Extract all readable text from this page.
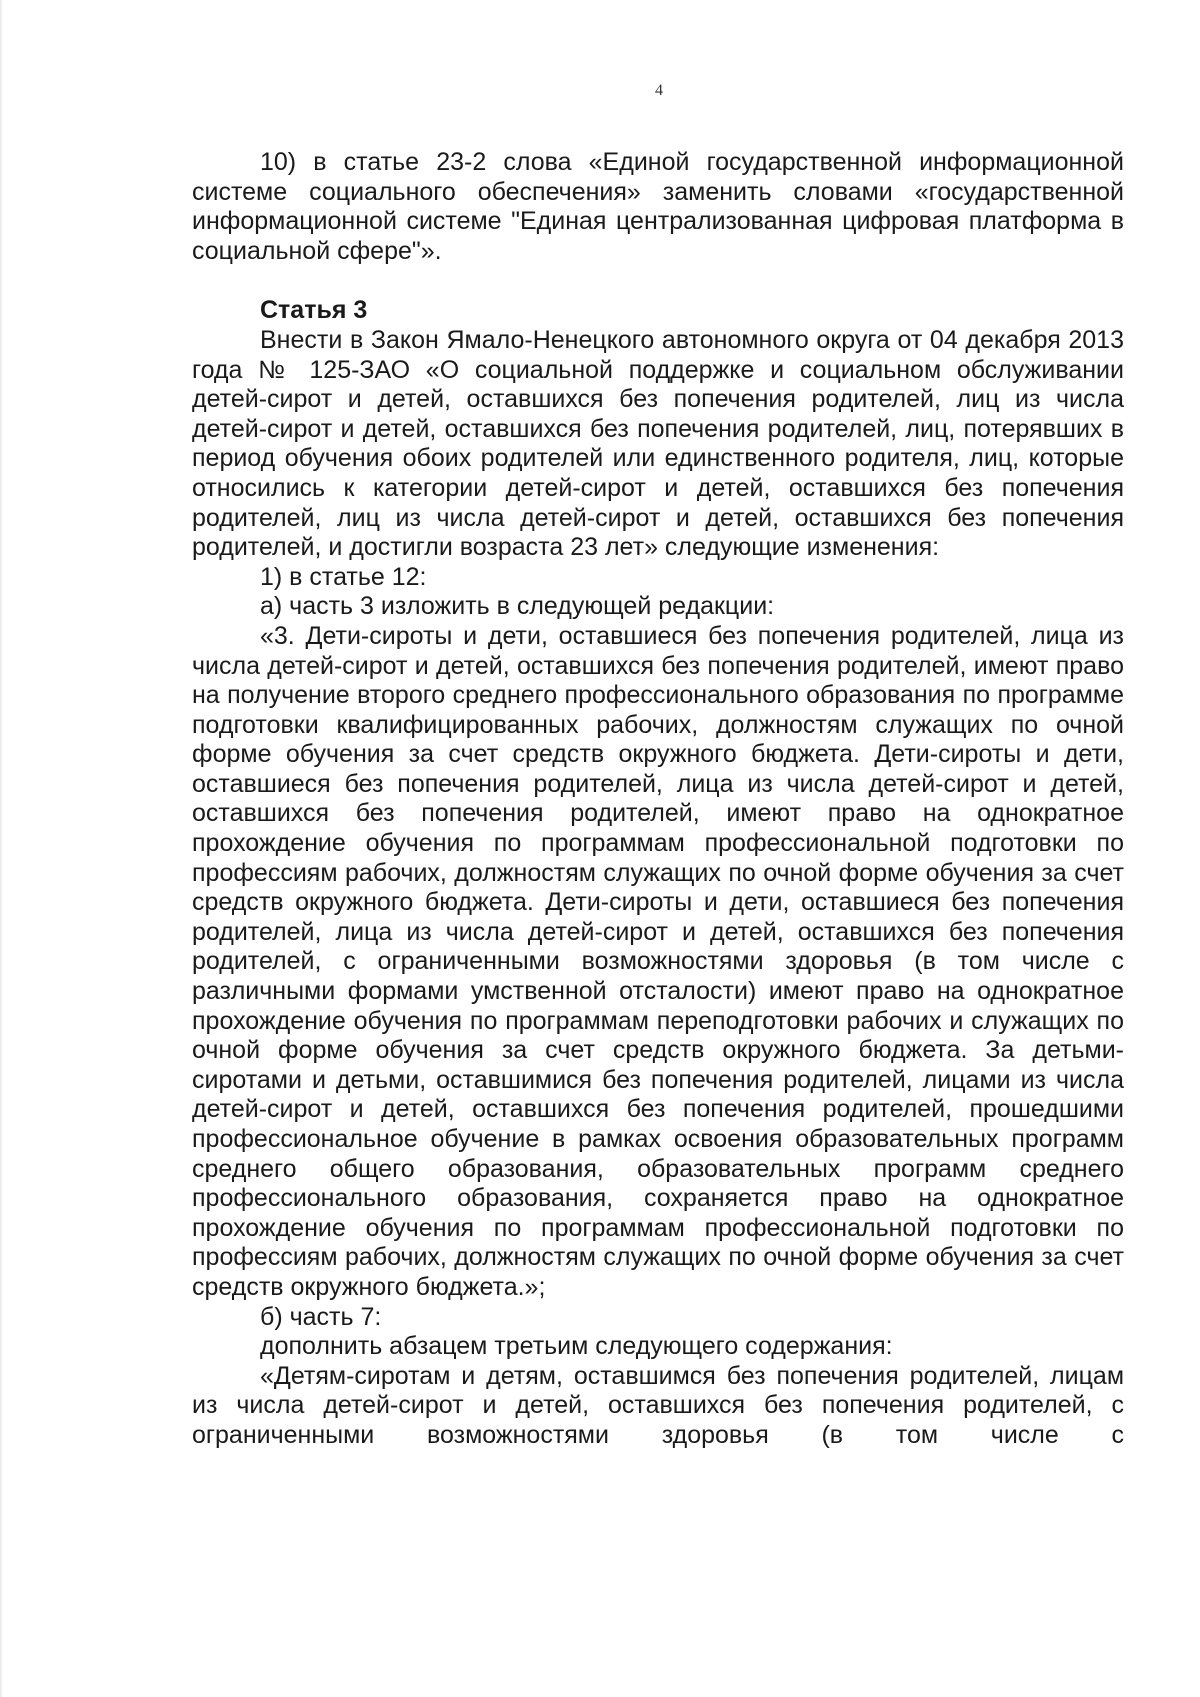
4

10) в статье 23-2 слова «Единой государственной информационной системе социального обеспечения» заменить словами «государственной информационной системе "Единая централизованная цифровая платформа в социальной сфере"».

Статья 3

Внести в Закон Ямало-Ненецкого автономного округа от 04 декабря 2013 года № 125-ЗАО «О социальной поддержке и социальном обслуживании детей-сирот и детей, оставшихся без попечения родителей, лиц из числа детей-сирот и детей, оставшихся без попечения родителей, лиц, потерявших в период обучения обоих родителей или единственного родителя, лиц, которые относились к категории детей-сирот и детей, оставшихся без попечения родителей, лиц из числа детей-сирот и детей, оставшихся без попечения родителей, и достигли возраста 23 лет» следующие изменения:

1) в статье 12:

а) часть 3 изложить в следующей редакции:

«3. Дети-сироты и дети, оставшиеся без попечения родителей, лица из числа детей-сирот и детей, оставшихся без попечения родителей, имеют право на получение второго среднего профессионального образования по программе подготовки квалифицированных рабочих, должностям служащих по очной форме обучения за счет средств окружного бюджета. Дети-сироты и дети, оставшиеся без попечения родителей, лица из числа детей-сирот и детей, оставшихся без попечения родителей, имеют право на однократное прохождение обучения по программам профессиональной подготовки по профессиям рабочих, должностям служащих по очной форме обучения за счет средств окружного бюджета. Дети-сироты и дети, оставшиеся без попечения родителей, лица из числа детей-сирот и детей, оставшихся без попечения родителей, с ограниченными возможностями здоровья (в том числе с различными формами умственной отсталости) имеют право на однократное прохождение обучения по программам переподготовки рабочих и служащих по очной форме обучения за счет средств окружного бюджета. За детьми-сиротами и детьми, оставшимися без попечения родителей, лицами из числа детей-сирот и детей, оставшихся без попечения родителей, прошедшими профессиональное обучение в рамках освоения образовательных программ среднего общего образования, образовательных программ среднего профессионального образования, сохраняется право на однократное прохождение обучения по программам профессиональной подготовки по профессиям рабочих, должностям служащих по очной форме обучения за счет средств окружного бюджета.»;

б) часть 7:

дополнить абзацем третьим следующего содержания:

«Детям-сиротам и детям, оставшимся без попечения родителей, лицам из числа детей-сирот и детей, оставшихся без попечения родителей, с ограниченными возможностями здоровья (в том числе с
